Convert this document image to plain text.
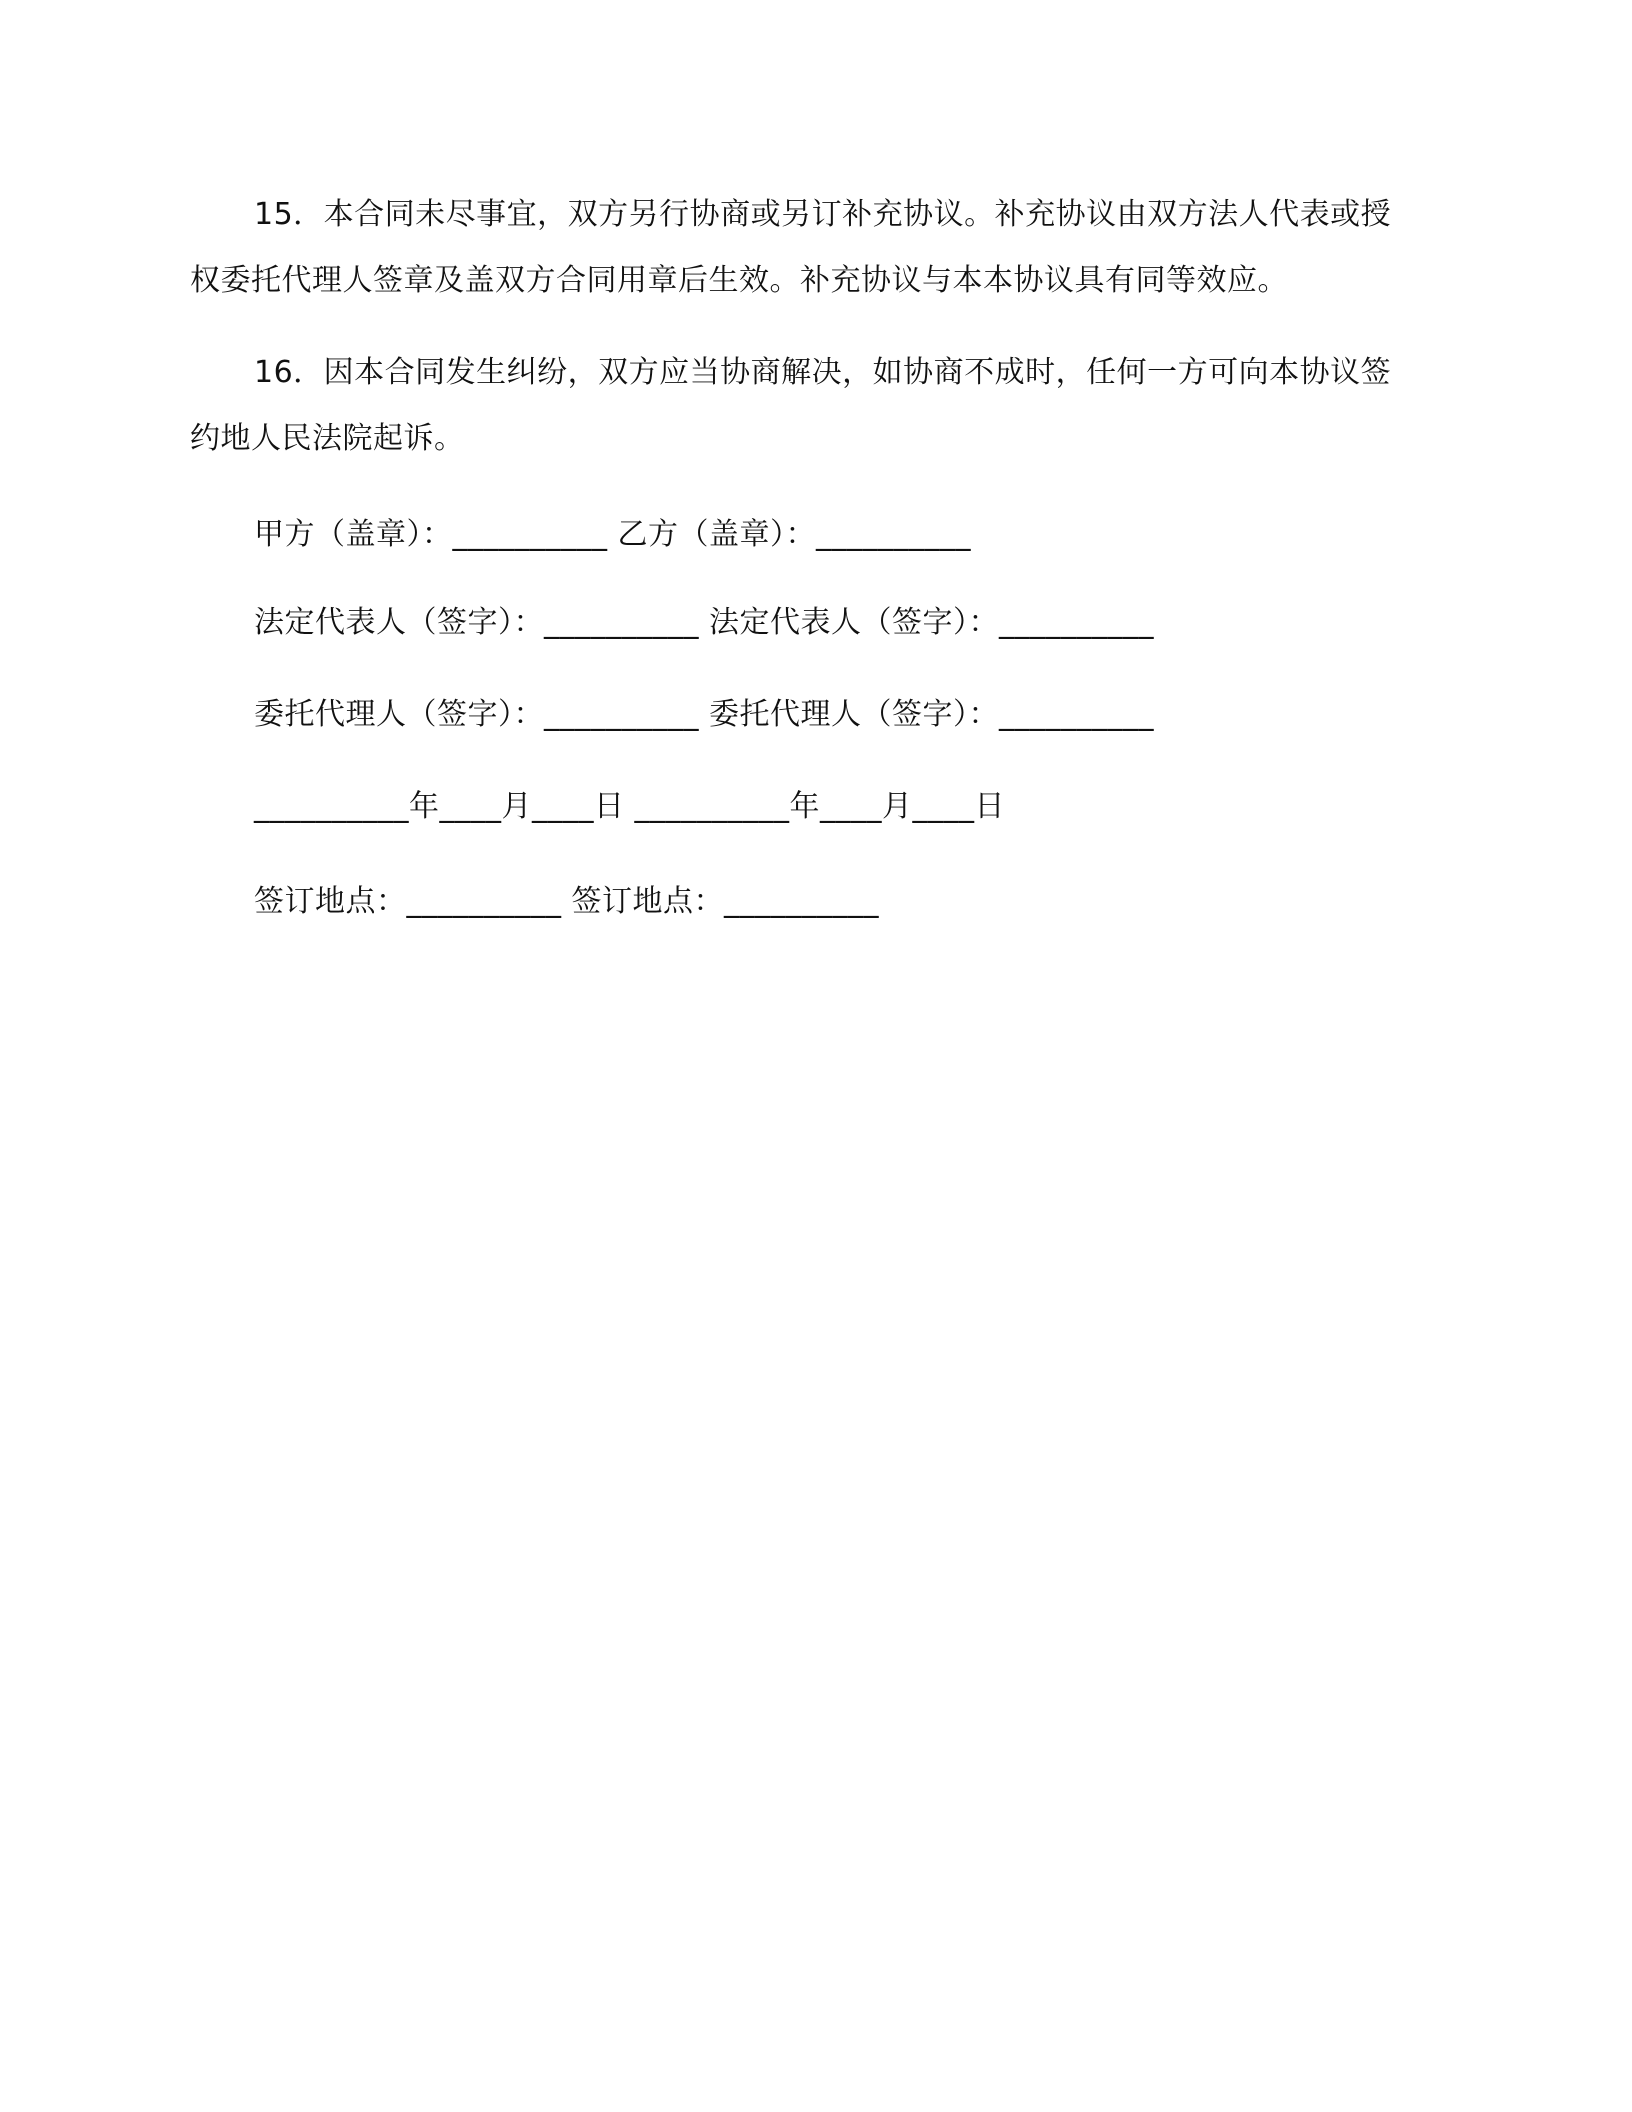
15．本合同未尽事宜，双方另行协商或另订补充协议。补充协议由双方法人代表或授权委托代理人签章及盖双方合同用章后生效。补充协议与本本协议具有同等效应。

16．因本合同发生纠纷，双方应当协商解决，如协商不成时，任何一方可向本协议签约地人民法院起诉。

甲方（盖章）：__________ 乙方（盖章）：__________

法定代表人（签字）：__________ 法定代表人（签字）：__________

委托代理人（签字）：__________ 委托代理人（签字）：__________

__________年____月____日 __________年____月____日

签订地点：__________ 签订地点：__________
